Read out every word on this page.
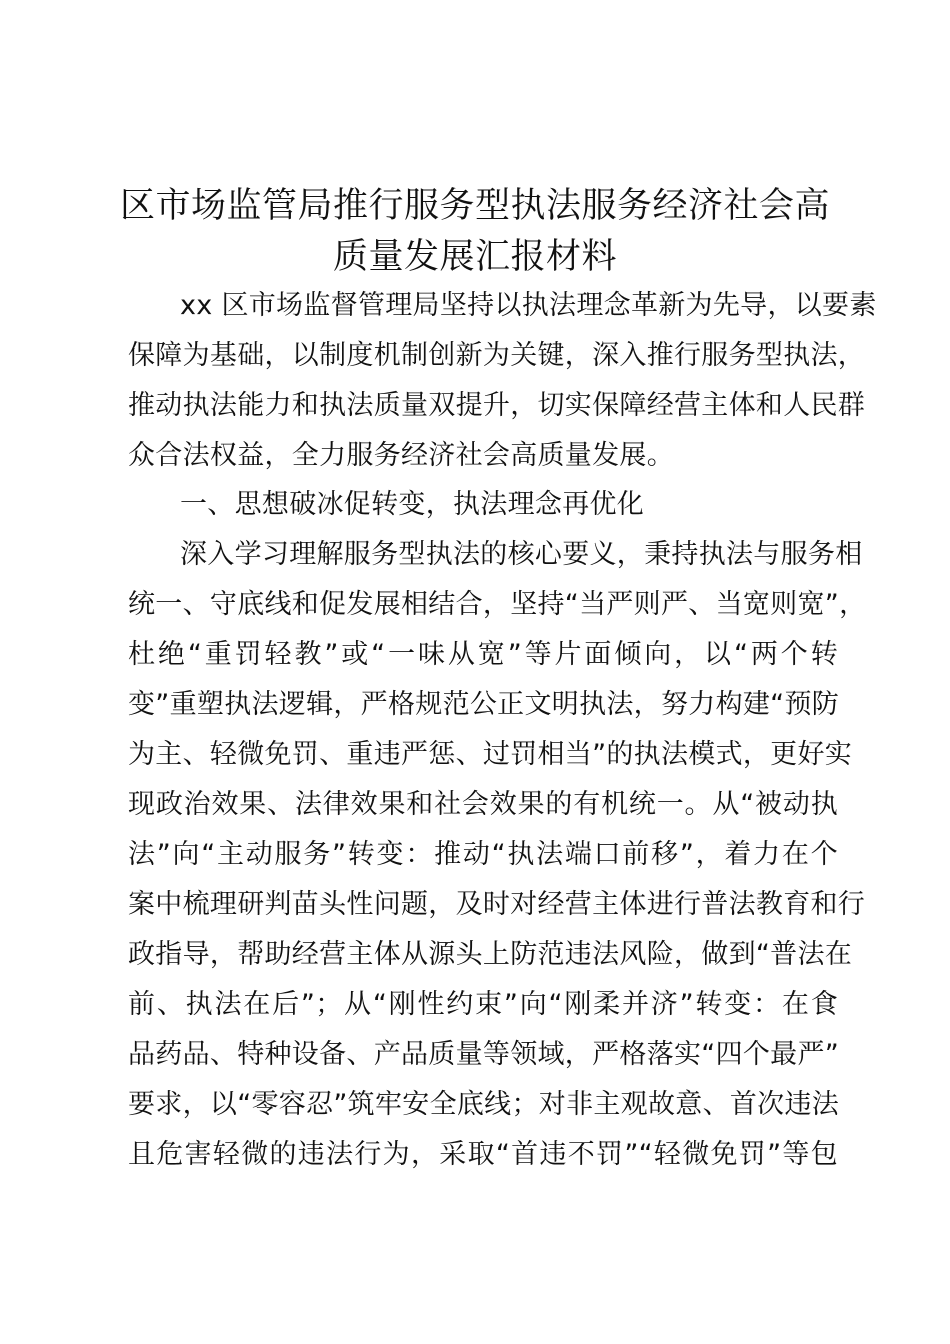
区市场监管局推行服务型执法服务经济社会高
质量发展汇报材料
xx 区市场监督管理局坚持以执法理念革新为先导，以要素
保障为基础，以制度机制创新为关键，深入推行服务型执法，
推动执法能力和执法质量双提升，切实保障经营主体和人民群
众合法权益，全力服务经济社会高质量发展。
一、思想破冰促转变，执法理念再优化
深入学习理解服务型执法的核心要义，秉持执法与服务相
统一、守底线和促发展相结合，坚持“当严则严、当宽则宽”，
杜绝“重罚轻教”或“一味从宽”等片面倾向，以“两个转
变”重塑执法逻辑，严格规范公正文明执法，努力构建“预防
为主、轻微免罚、重违严惩、过罚相当”的执法模式，更好实
现政治效果、法律效果和社会效果的有机统一。从“被动执
法”向“主动服务”转变：推动“执法端口前移”，着力在个
案中梳理研判苗头性问题，及时对经营主体进行普法教育和行
政指导，帮助经营主体从源头上防范违法风险，做到“普法在
前、执法在后”；从“刚性约束”向“刚柔并济”转变：在食
品药品、特种设备、产品质量等领域，严格落实“四个最严”
要求，以“零容忍”筑牢安全底线；对非主观故意、首次违法
且危害轻微的违法行为，采取“首违不罚”“轻微免罚”等包
